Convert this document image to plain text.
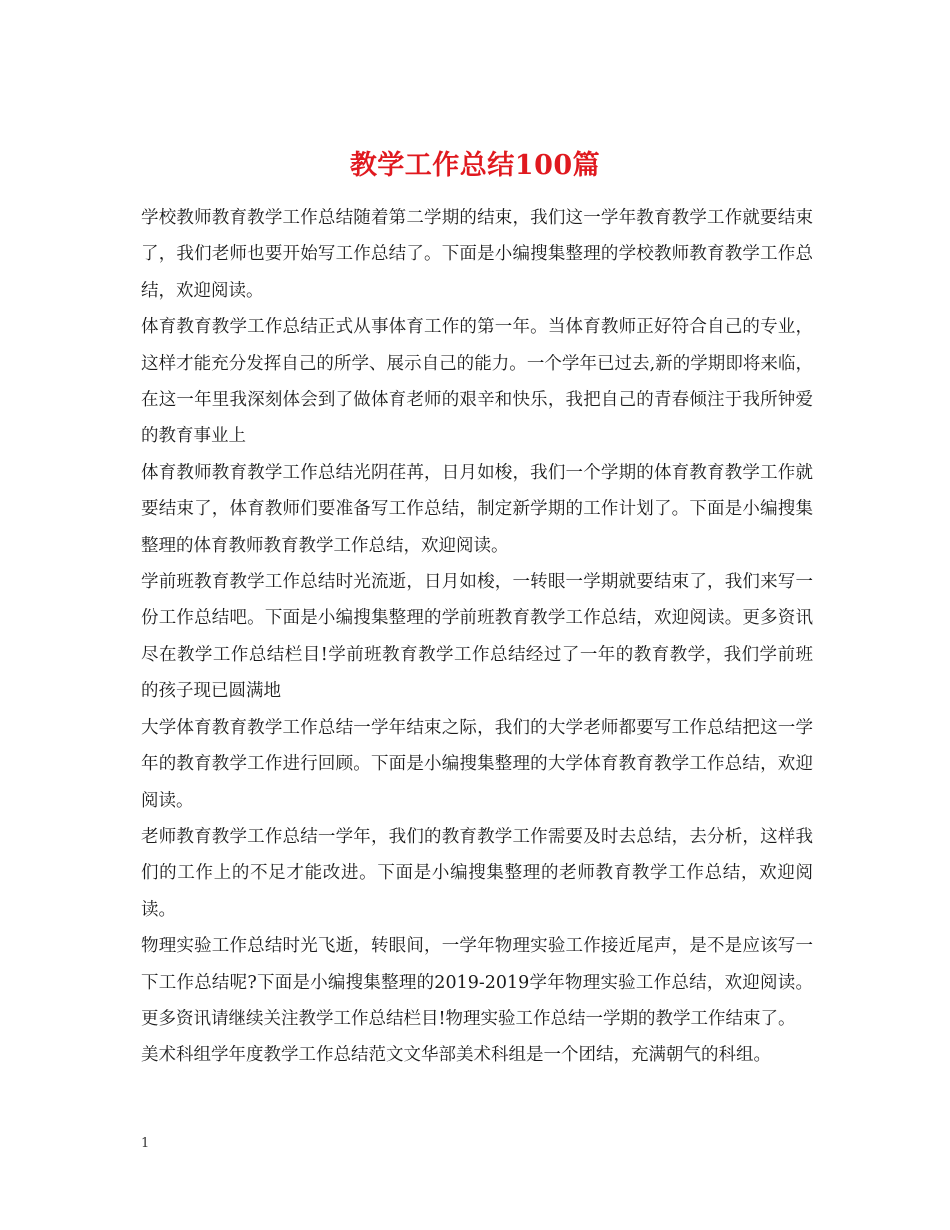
教学工作总结100篇

学校教师教育教学工作总结随着第二学期的结束，我们这一学年教育教学工作就要结束了，我们老师也要开始写工作总结了。下面是小编搜集整理的学校教师教育教学工作总结，欢迎阅读。

体育教育教学工作总结正式从事体育工作的第一年。当体育教师正好符合自己的专业，这样才能充分发挥自己的所学、展示自己的能力。一个学年已过去,新的学期即将来临，在这一年里我深刻体会到了做体育老师的艰辛和快乐，我把自己的青春倾注于我所钟爱的教育事业上

体育教师教育教学工作总结光阴荏苒，日月如梭，我们一个学期的体育教育教学工作就要结束了，体育教师们要准备写工作总结，制定新学期的工作计划了。下面是小编搜集整理的体育教师教育教学工作总结，欢迎阅读。

学前班教育教学工作总结时光流逝，日月如梭，一转眼一学期就要结束了，我们来写一份工作总结吧。下面是小编搜集整理的学前班教育教学工作总结，欢迎阅读。更多资讯尽在教学工作总结栏目!学前班教育教学工作总结经过了一年的教育教学，我们学前班的孩子现已圆满地

大学体育教育教学工作总结一学年结束之际，我们的大学老师都要写工作总结把这一学年的教育教学工作进行回顾。下面是小编搜集整理的大学体育教育教学工作总结，欢迎阅读。

老师教育教学工作总结一学年，我们的教育教学工作需要及时去总结，去分析，这样我们的工作上的不足才能改进。下面是小编搜集整理的老师教育教学工作总结，欢迎阅读。

物理实验工作总结时光飞逝，转眼间，一学年物理实验工作接近尾声，是不是应该写一下工作总结呢?下面是小编搜集整理的2019-2019学年物理实验工作总结，欢迎阅读。更多资讯请继续关注教学工作总结栏目!物理实验工作总结一学期的教学工作结束了。

美术科组学年度教学工作总结范文文华部美术科组是一个团结，充满朝气的科组。

1
